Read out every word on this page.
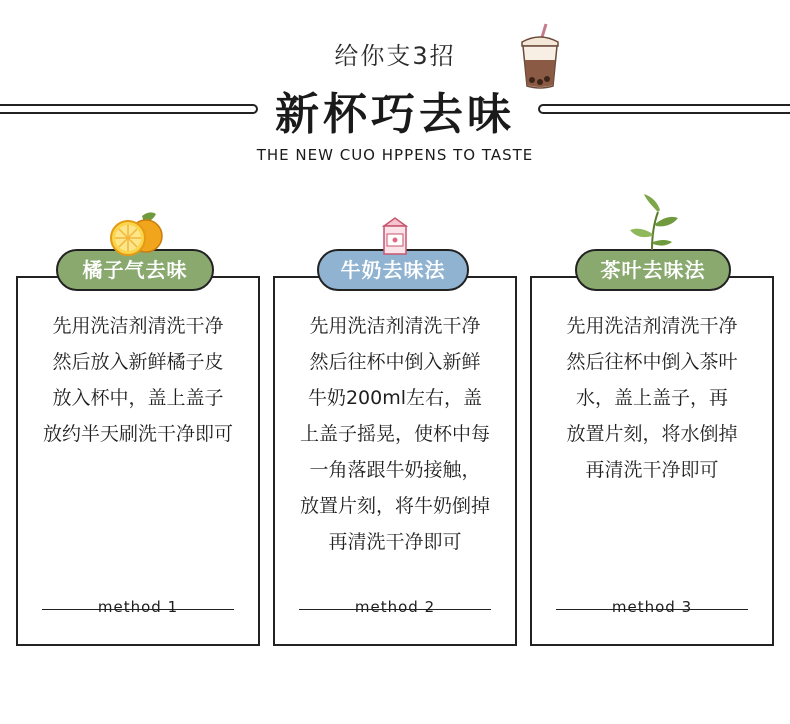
给你支3招
新杯巧去味
THE NEW CUO HPPENS TO TASTE
先用洗洁剂清洗干净
然后放入新鲜橘子皮
放入杯中，盖上盖子
放约半天刷洗干净即可
method 1
先用洗洁剂清洗干净
然后往杯中倒入新鲜
牛奶200ml左右，盖
上盖子摇晃，使杯中每
一角落跟牛奶接触，
放置片刻，将牛奶倒掉
再清洗干净即可
method 2
先用洗洁剂清洗干净
然后往杯中倒入茶叶
水，盖上盖子，再
放置片刻，将水倒掉
再清洗干净即可
method 3
橘子气去味	牛奶去味法	茶叶去味法
